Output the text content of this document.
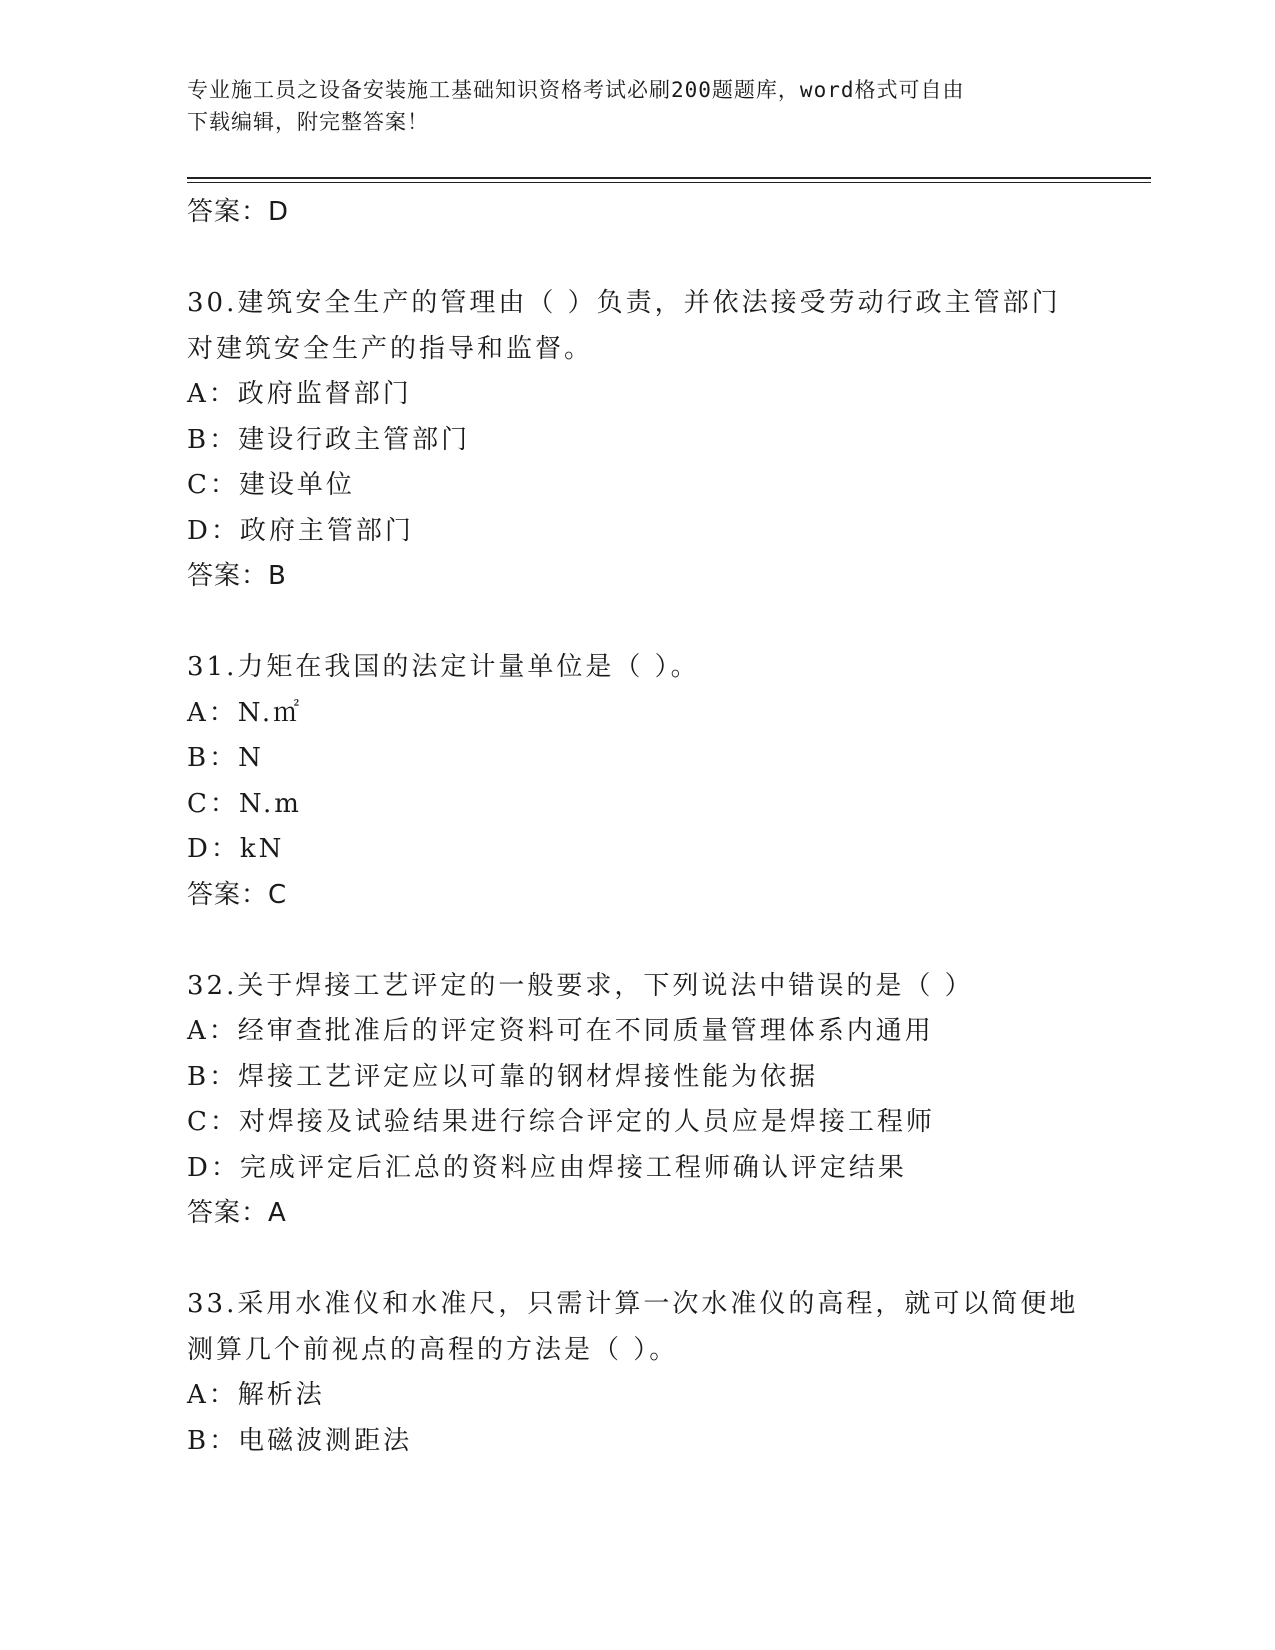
专业施工员之设备安装施工基础知识资格考试必刷200题题库，word格式可自由
下载编辑，附完整答案！
答案：D
30.建筑安全生产的管理由（ ）负责，并依法接受劳动行政主管部门
对建筑安全生产的指导和监督。
A：政府监督部门
B：建设行政主管部门
C：建设单位
D：政府主管部门
答案：B
31.力矩在我国的法定计量单位是（ ）。
A：N.㎡
B：N
C：N.m
D：kN
答案：C
32.关于焊接工艺评定的一般要求，下列说法中错误的是（ ）
A：经审查批准后的评定资料可在不同质量管理体系内通用
B：焊接工艺评定应以可靠的钢材焊接性能为依据
C：对焊接及试验结果进行综合评定的人员应是焊接工程师
D：完成评定后汇总的资料应由焊接工程师确认评定结果
答案：A
33.采用水准仪和水准尺，只需计算一次水准仪的高程，就可以简便地
测算几个前视点的高程的方法是（ ）。
A：解析法
B：电磁波测距法
